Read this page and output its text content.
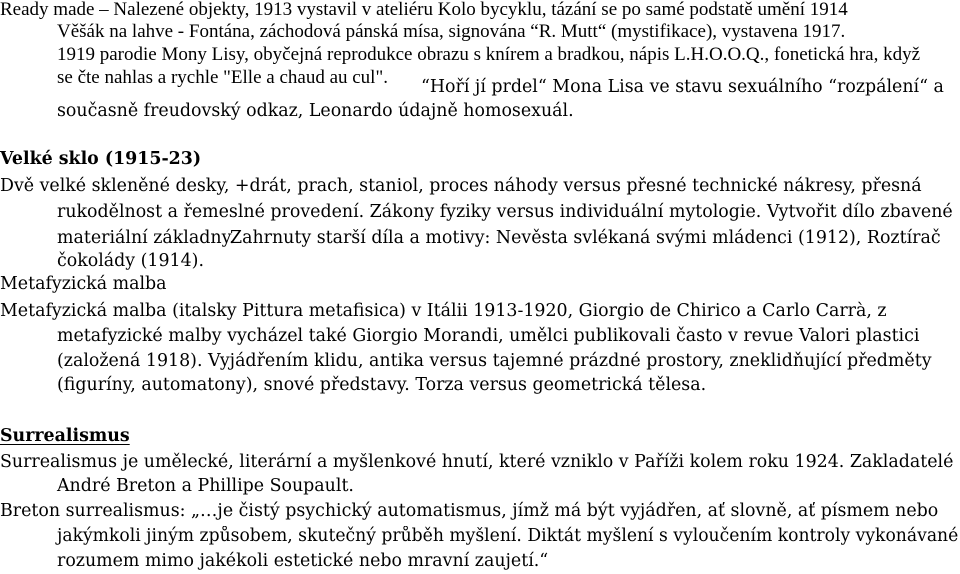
Ready made – Nalezené objekty, 1913 vystavil v ateliéru Kolo bycyklu, tázání se po samé podstatě umění 1914
Věšák na lahve - Fontána, záchodová pánská mísa, signována “R. Mutt“ (mystifikace), vystavena 1917.
1919 parodie Mony Lisy, obyčejná reprodukce obrazu s knírem a bradkou, nápis L.H.O.O.Q., fonetická hra, když
se čte nahlas a rychle "Elle a chaud au cul". “Hoří jí prdel“ Mona Lisa ve stavu sexuálního “rozpálení“ a
současně freudovský odkaz, Leonardo údajně homosexuál.
Velké sklo (1915-23)
Dvě velké skleněné desky, +drát, prach, staniol, proces náhody versus přesné technické nákresy, přesná
rukodělnost a řemeslné provedení. Zákony fyziky versus individuální mytologie. Vytvořit dílo zbavené
materiální základny.
Zahrnuty starší díla a motivy: Nevěsta svlékaná svými mládenci (1912), Roztírač
čokolády (1914).
Metafyzická malba
Metafyzická malba (italsky Pittura metafisica) v Itálii 1913-1920, Giorgio de Chirico a Carlo Carrà, z
metafyzické malby vycházel také Giorgio Morandi, umělci publikovali často v revue Valori plastici
(založená 1918). Vyjádřením klidu, antika versus tajemné prázdné prostory, zneklidňující předměty
(figuríny, automatony), snové představy. Torza versus geometrická tělesa.
Surrealismus
Surrealismus je umělecké, literární a myšlenkové hnutí, které vzniklo v Paříži kolem roku 1924. Zakladatelé
André Breton a Phillipe Soupault.
Breton surrealismus: „…je čistý psychický automatismus, jímž má být vyjádřen, ať slovně, ať písmem nebo
jakýmkoli jiným způsobem, skutečný průběh myšlení. Diktát myšlení s vyloučením kontroly vykonávané
rozumem mimo jakékoli estetické nebo mravní zaujetí.“
